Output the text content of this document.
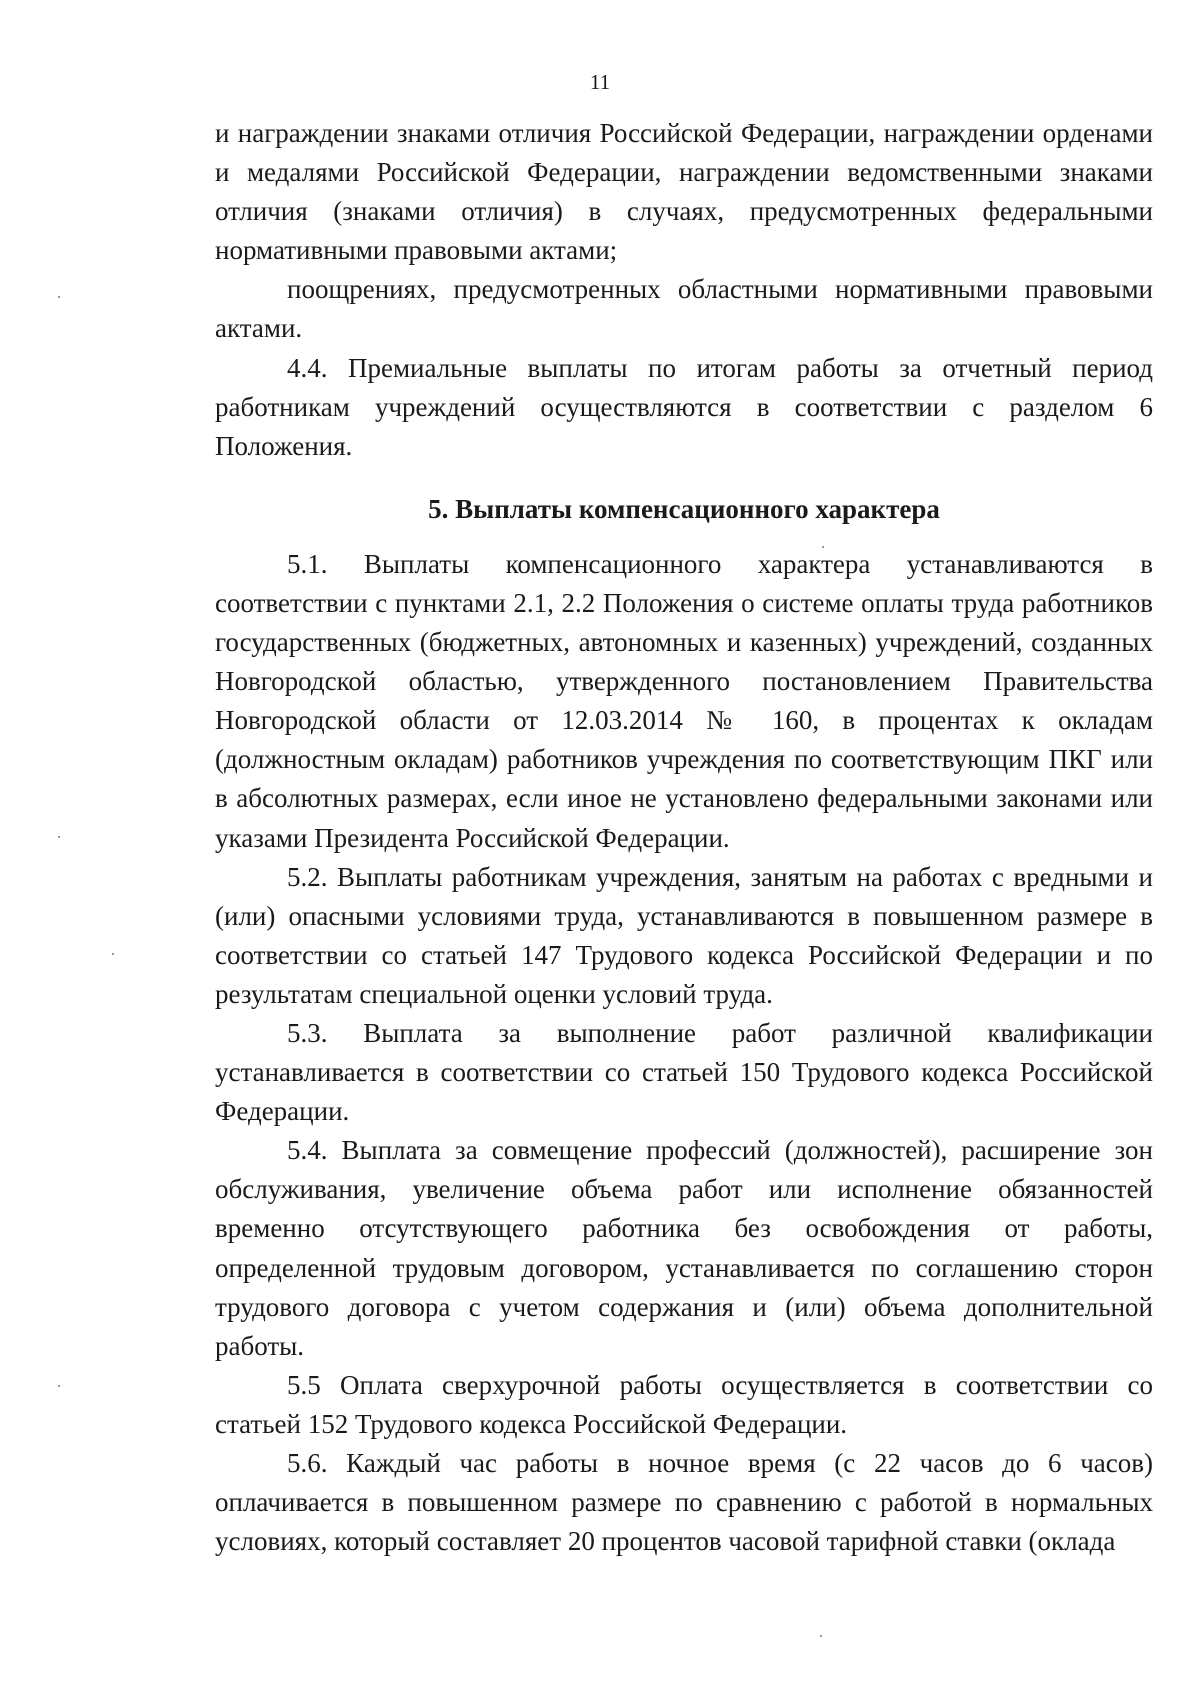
11

и награждении знаками отличия Российской Федерации, награждении орденами и медалями Российской Федерации, награждении ведомственными знаками отличия (знаками отличия) в случаях, предусмотренных федеральными нормативными правовыми актами;

поощрениях, предусмотренных областными нормативными правовыми актами.

4.4. Премиальные выплаты по итогам работы за отчетный период работникам учреждений осуществляются в соответствии с разделом 6 Положения.

5. Выплаты компенсационного характера

5.1. Выплаты компенсационного характера устанавливаются в соответствии с пунктами 2.1, 2.2 Положения о системе оплаты труда работников государственных (бюджетных, автономных и казенных) учреждений, созданных Новгородской областью, утвержденного постановлением Правительства Новгородской области от 12.03.2014 № 160, в процентах к окладам (должностным окладам) работников учреждения по соответствующим ПКГ или в абсолютных размерах, если иное не установлено федеральными законами или указами Президента Российской Федерации.

5.2. Выплаты работникам учреждения, занятым на работах с вредными и (или) опасными условиями труда, устанавливаются в повышенном размере в соответствии со статьей 147 Трудового кодекса Российской Федерации и по результатам специальной оценки условий труда.

5.3. Выплата за выполнение работ различной квалификации устанавливается в соответствии со статьей 150 Трудового кодекса Российской Федерации.

5.4. Выплата за совмещение профессий (должностей), расширение зон обслуживания, увеличение объема работ или исполнение обязанностей временно отсутствующего работника без освобождения от работы, определенной трудовым договором, устанавливается по соглашению сторон трудового договора с учетом содержания и (или) объема дополнительной работы.

5.5 Оплата сверхурочной работы осуществляется в соответствии со статьей 152 Трудового кодекса Российской Федерации.

5.6. Каждый час работы в ночное время (с 22 часов до 6 часов) оплачивается в повышенном размере по сравнению с работой в нормальных условиях, который составляет 20 процентов часовой тарифной ставки (оклада
